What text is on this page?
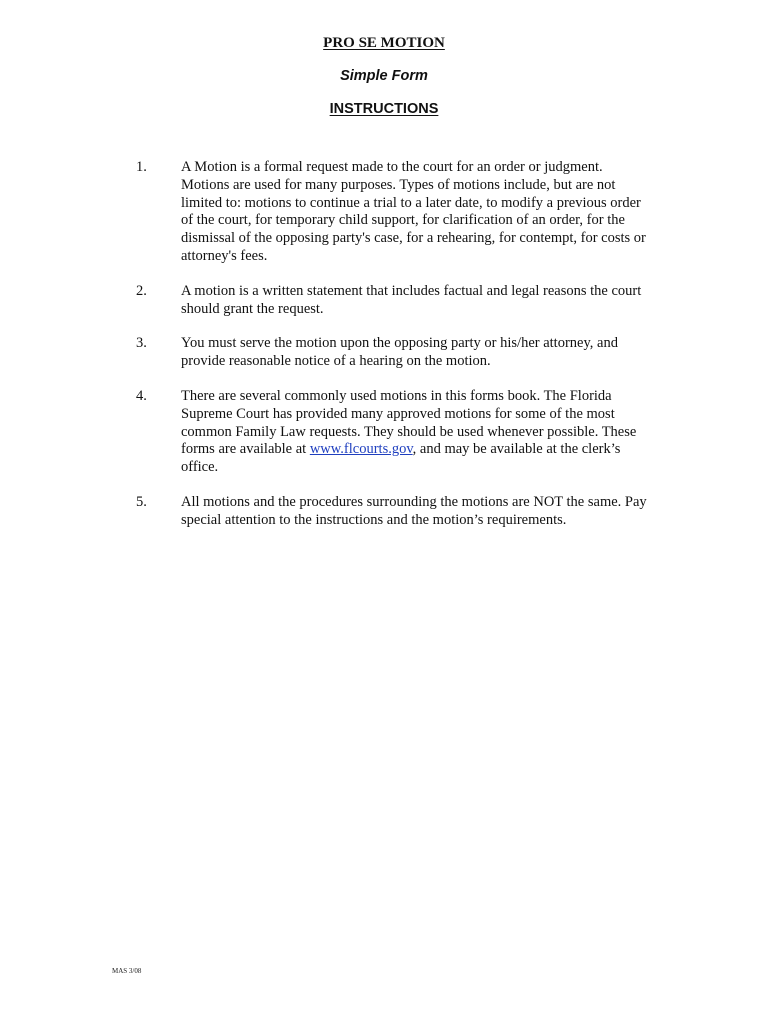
PRO SE MOTION
Simple Form
INSTRUCTIONS
1. A Motion is a formal request made to the court for an order or judgment. Motions are used for many purposes. Types of motions include, but are not limited to: motions to continue a trial to a later date, to modify a previous order of the court, for temporary child support, for clarification of an order, for the dismissal of the opposing party's case, for a rehearing, for contempt, for costs or attorney's fees.
2. A motion is a written statement that includes factual and legal reasons the court should grant the request.
3. You must serve the motion upon the opposing party or his/her attorney, and provide reasonable notice of a hearing on the motion.
4. There are several commonly used motions in this forms book. The Florida Supreme Court has provided many approved motions for some of the most common Family Law requests. They should be used whenever possible. These forms are available at www.flcourts.gov, and may be available at the clerk’s office.
5. All motions and the procedures surrounding the motions are NOT the same. Pay special attention to the instructions and the motion’s requirements.
MAS 3/08
